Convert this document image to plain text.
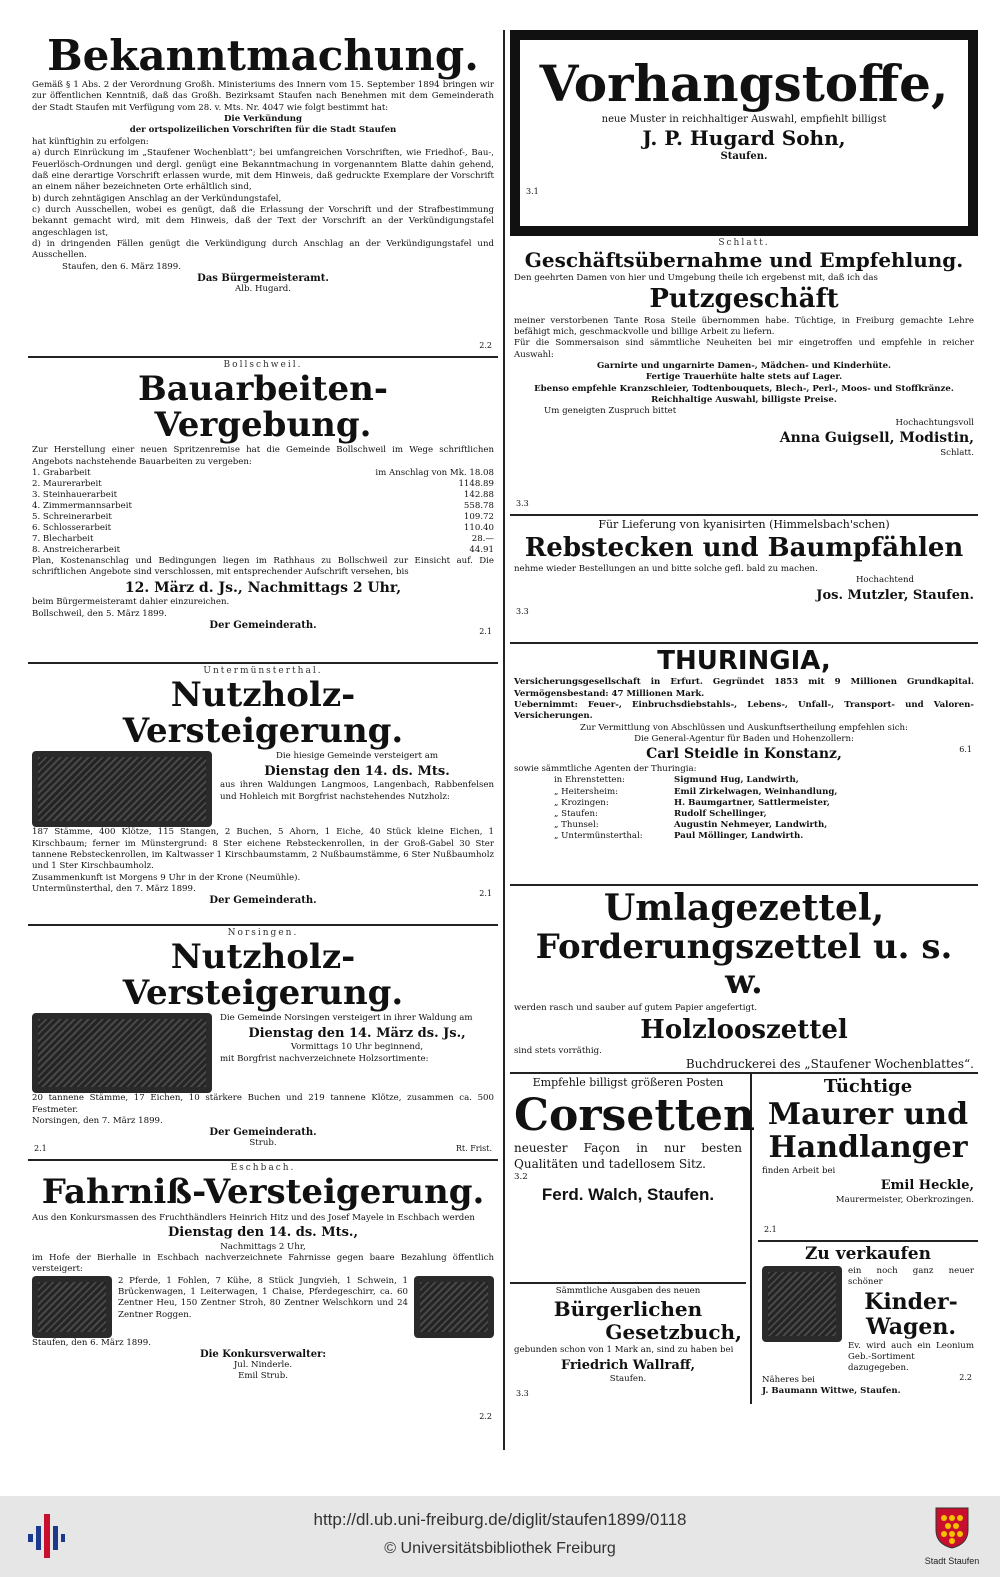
Bekanntmachung.
Gemäß § 1 Abs. 2 der Verordnung Großh. Ministeriums des Innern vom 15. September 1894 bringen wir zur öffentlichen Kenntniß, daß das Großh. Bezirksamt Staufen nach Benehmen mit dem Gemeinderath der Stadt Staufen mit Verfügung vom 28. v. Mts. Nr. 4047 wie folgt bestimmt hat:
Die Verkündung
der ortspolizeilichen Vorschriften für die Stadt Staufen
hat künftighin zu erfolgen:
a) durch Einrückung im „Staufener Wochenblatt“; bei umfangreichen Vorschriften, wie Friedhof-, Bau-, Feuerlösch-Ordnungen und dergl. genügt eine Bekanntmachung in vorgenanntem Blatte dahin gehend, daß eine derartige Vorschrift erlassen wurde, mit dem Hinweis, daß gedruckte Exemplare der Vorschrift an einem näher bezeichneten Orte erhältlich sind,
b) durch zehntägigen Anschlag an der Verkündungstafel,
c) durch Ausschellen, wobei es genügt, daß die Erlassung der Vorschrift und der Strafbestimmung bekannt gemacht wird, mit dem Hinweis, daß der Text der Vorschrift an der Verkündigungstafel angeschlagen ist,
d) in dringenden Fällen genügt die Verkündigung durch Anschlag an der Verkündigungstafel und Ausschellen.
Staufen, den 6. März 1899.
Das Bürgermeisteramt.
Alb. Hugard.
2.2
Bollschweil.
Bauarbeiten-Vergebung.
Zur Herstellung einer neuen Spritzenremise hat die Gemeinde Bollschweil im Wege schriftlichen Angebots nachstehende Bauarbeiten zu vergeben:
1. Grabarbeit	im Anschlag von Mk. 18.08
2. Maurerarbeit	1148.89
3. Steinhauerarbeit	142.88
4. Zimmermannsarbeit	558.78
5. Schreinerarbeit	109.72
6. Schlosserarbeit	110.40
7. Blecharbeit	28.—
8. Anstreicherarbeit	44.91
Plan, Kostenanschlag und Bedingungen liegen im Rathhaus zu Bollschweil zur Einsicht auf. Die schriftlichen Angebote sind verschlossen, mit entsprechender Aufschrift versehen, bis
12. März d. Js., Nachmittags 2 Uhr,
beim Bürgermeisteramt dahier einzureichen.
Bollschweil, den 5. März 1899.
Der Gemeinderath.
2.1
Untermünsterthal.
Nutzholz-Versteigerung.
Die hiesige Gemeinde versteigert am
Dienstag den 14. ds. Mts.
aus ihren Waldungen Langmoos, Langenbach, Rabbenfelsen und Hohleich mit Borgfrist nachstehendes Nutzholz:
187 Stämme, 400 Klötze, 115 Stangen, 2 Buchen, 5 Ahorn, 1 Eiche, 40 Stück kleine Eichen, 1 Kirschbaum; ferner im Münstergrund: 8 Ster eichene Rebsteckenrollen, in der Groß-Gabel 30 Ster tannene Rebsteckenrollen, im Kaltwasser 1 Kirschbaumstamm, 2 Nußbaumstämme, 6 Ster Nußbaumholz und 1 Ster Kirschbaumholz.
Zusammenkunft ist Morgens 9 Uhr in der Krone (Neumühle).
Untermünsterthal, den 7. März 1899.
Der Gemeinderath.
2.1
Norsingen.
Nutzholz-Versteigerung.
Die Gemeinde Norsingen versteigert in ihrer Waldung am
Dienstag den 14. März ds. Js.,
Vormittags 10 Uhr beginnend,
mit Borgfrist nachverzeichnete Holzsortimente:
20 tannene Stämme, 17 Eichen, 10 stärkere Buchen und 219 tannene Klötze, zusammen ca. 500 Festmeter.
Norsingen, den 7. März 1899.
Der Gemeinderath.
Strub.
2.1	Rt. Frist.
Eschbach.
Fahrniß-Versteigerung.
Aus den Konkursmassen des Fruchthändlers Heinrich Hitz und des Josef Mayele in Eschbach werden
Dienstag den 14. ds. Mts.,
Nachmittags 2 Uhr,
im Hofe der Bierhalle in Eschbach nachverzeichnete Fahrnisse gegen baare Bezahlung öffentlich versteigert:
2 Pferde, 1 Fohlen, 7 Kühe, 8 Stück Jungvieh, 1 Schwein, 1 Brückenwagen, 1 Leiterwagen, 1 Chaise, Pferdegeschirr, ca. 60 Zentner Heu, 150 Zentner Stroh, 80 Zentner Welschkorn und 24 Zentner Roggen.
Staufen, den 6. März 1899.
Die Konkursverwalter:
Jul. Ninderle.
Emil Strub.
2.2
Vorhangstoffe,
neue Muster in reichhaltiger Auswahl, empfiehlt billigst
J. P. Hugard Sohn,
Staufen.
3.1
Schlatt.
Geschäftsübernahme und Empfehlung.
Den geehrten Damen von hier und Umgebung theile ich ergebenst mit, daß ich das
Putzgeschäft
meiner verstorbenen Tante Rosa Steile übernommen habe. Tüchtige, in Freiburg gemachte Lehre befähigt mich, geschmackvolle und billige Arbeit zu liefern.
Für die Sommersaison sind sämmtliche Neuheiten bei mir eingetroffen und empfehle in reicher Auswahl:
Garnirte und ungarnirte Damen-, Mädchen- und Kinderhüte.
Fertige Trauerhüte halte stets auf Lager.
Ebenso empfehle Kranzschleier, Todtenbouquets, Blech-, Perl-, Moos- und Stoffkränze.
Reichhaltige Auswahl, billigste Preise.
Um geneigten Zuspruch bittet
Hochachtungsvoll
Anna Guigsell, Modistin,
Schlatt.
3.3
Für Lieferung von kyanisirten (Himmelsbach'schen)
Rebstecken und Baumpfählen
nehme wieder Bestellungen an und bitte solche gefl. bald zu machen.
Hochachtend
Jos. Mutzler, Staufen.
3.3
THURINGIA,
Versicherungsgesellschaft in Erfurt. Gegründet 1853 mit 9 Millionen Grundkapital. Vermögensbestand: 47 Millionen Mark.
Uebernimmt: Feuer-, Einbruchsdiebstahls-, Lebens-, Unfall-, Transport- und Valoren-Versicherungen.
Zur Vermittlung von Abschlüssen und Auskunftsertheilung empfehlen sich:
Die General-Agentur für Baden und Hohenzollern:
Carl Steidle in Konstanz,
sowie sämmtliche Agenten der Thuringia:
in Ehrenstetten:	Sigmund Hug, Landwirth,
„ Heitersheim:	Emil Zirkelwagen, Weinhandlung,
„ Krozingen:	H. Baumgartner, Sattlermeister,
„ Staufen:	Rudolf Schellinger,
„ Thunsel:	Augustin Nehmeyer, Landwirth,
„ Untermünsterthal:	Paul Möllinger, Landwirth.
6.1
Umlagezettel,
Forderungszettel u. s. w.
werden rasch und sauber auf gutem Papier angefertigt.
Holzlooszettel
sind stets vorräthig.
Buchdruckerei des „Staufener Wochenblattes“.
Empfehle billigst größeren Posten
Corsetten
neuester Façon in nur besten Qualitäten und tadellosem Sitz.
3.2
Ferd. Walch, Staufen.
Sämmtliche Ausgaben des neuen
Bürgerlichen
Gesetzbuch,
gebunden schon von 1 Mark an, sind zu haben bei
Friedrich Wallraff,
Staufen.
3.3
Tüchtige
Maurer und
Handlanger
finden Arbeit bei
Emil Heckle,
Maurermeister, Oberkrozingen.
2.1
Zu verkaufen
ein noch ganz neuer schöner
Kinder-
Wagen.
Ev. wird auch ein Leonium Geb.-Sortiment dazugegeben.
Näheres bei
J. Baumann Wittwe, Staufen.
2.2
http://dl.ub.uni-freiburg.de/diglit/staufen1899/0118
© Universitätsbibliothek Freiburg
Stadt Staufen
